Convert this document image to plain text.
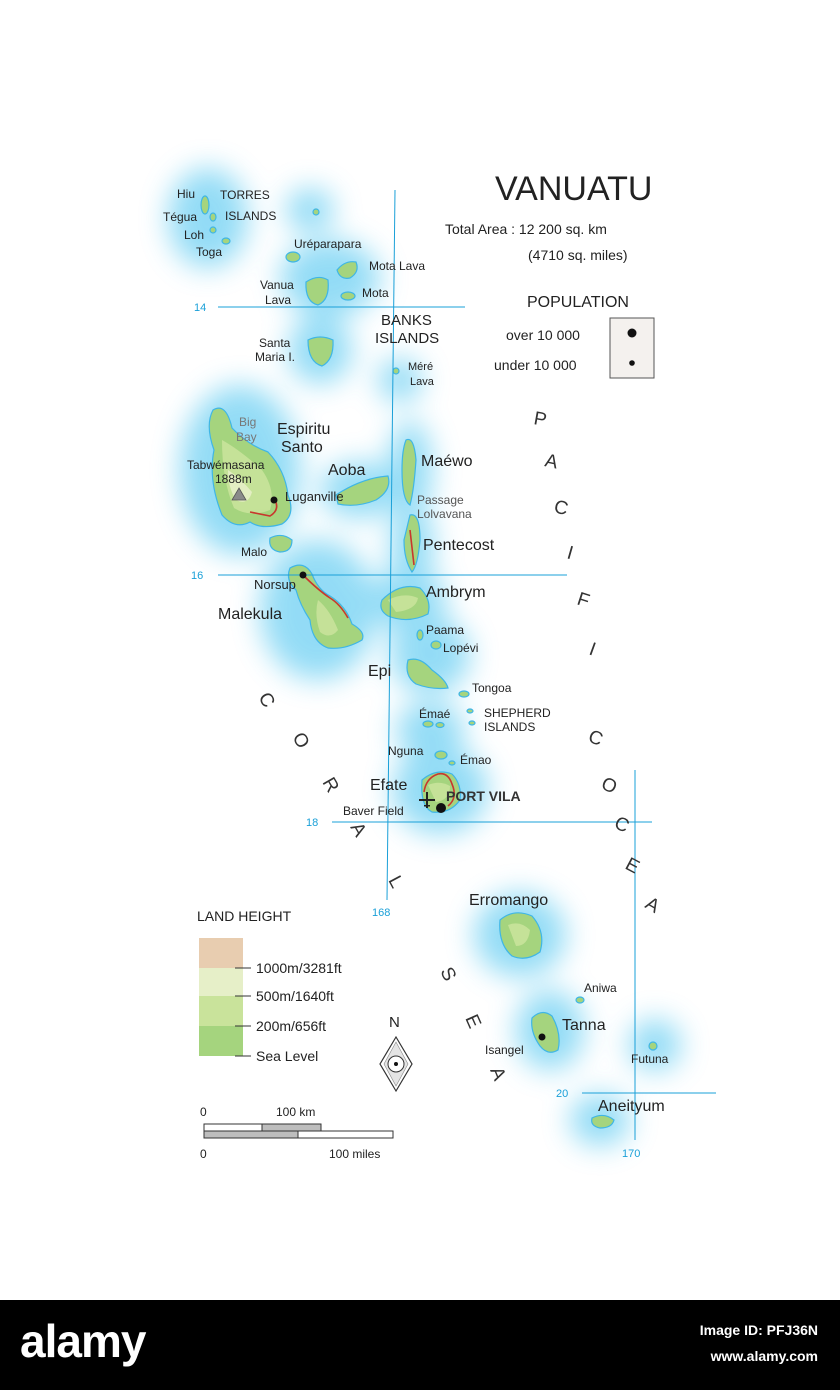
14
16
18
20
168
170
VANUATU
Total Area : 12 200 sq. km
(4710 sq. miles)
POPULATION
over 10 000
under 10 000
Hiu TORRES
ISLANDS
Tégua
Loh
Toga
Uréparapara
Mota Lava
Vanua
Lava	Mota
BANKS
ISLANDS
Santa
Maria I.
Méré
Lava
Big
Bay Espiritu
Santo
Tabwémasana
1888m
Luganville
Aoba
Maéwo
Passage
Lolvavana
Pentecost
Malo
Norsup
Malekula
Ambrym
Paama
Lopévi
Epi
Tongoa
Émaé	SHEPHERD
ISLANDS
Nguna
Émao
Efate
PORT VILA
Baver Field
Erromango
Aniwa
Tanna
Isangel
Futuna
Aneityum
P
A
C
I
F
I
C
O
C
E
A
C
O
R
A
L
S
E
A
LAND HEIGHT
1000m/3281ft
500m/1640ft
200m/656ft
Sea Level
N
0	100 km
0	100 miles
alamy	Image ID: PFJ36N
www.alamy.com
